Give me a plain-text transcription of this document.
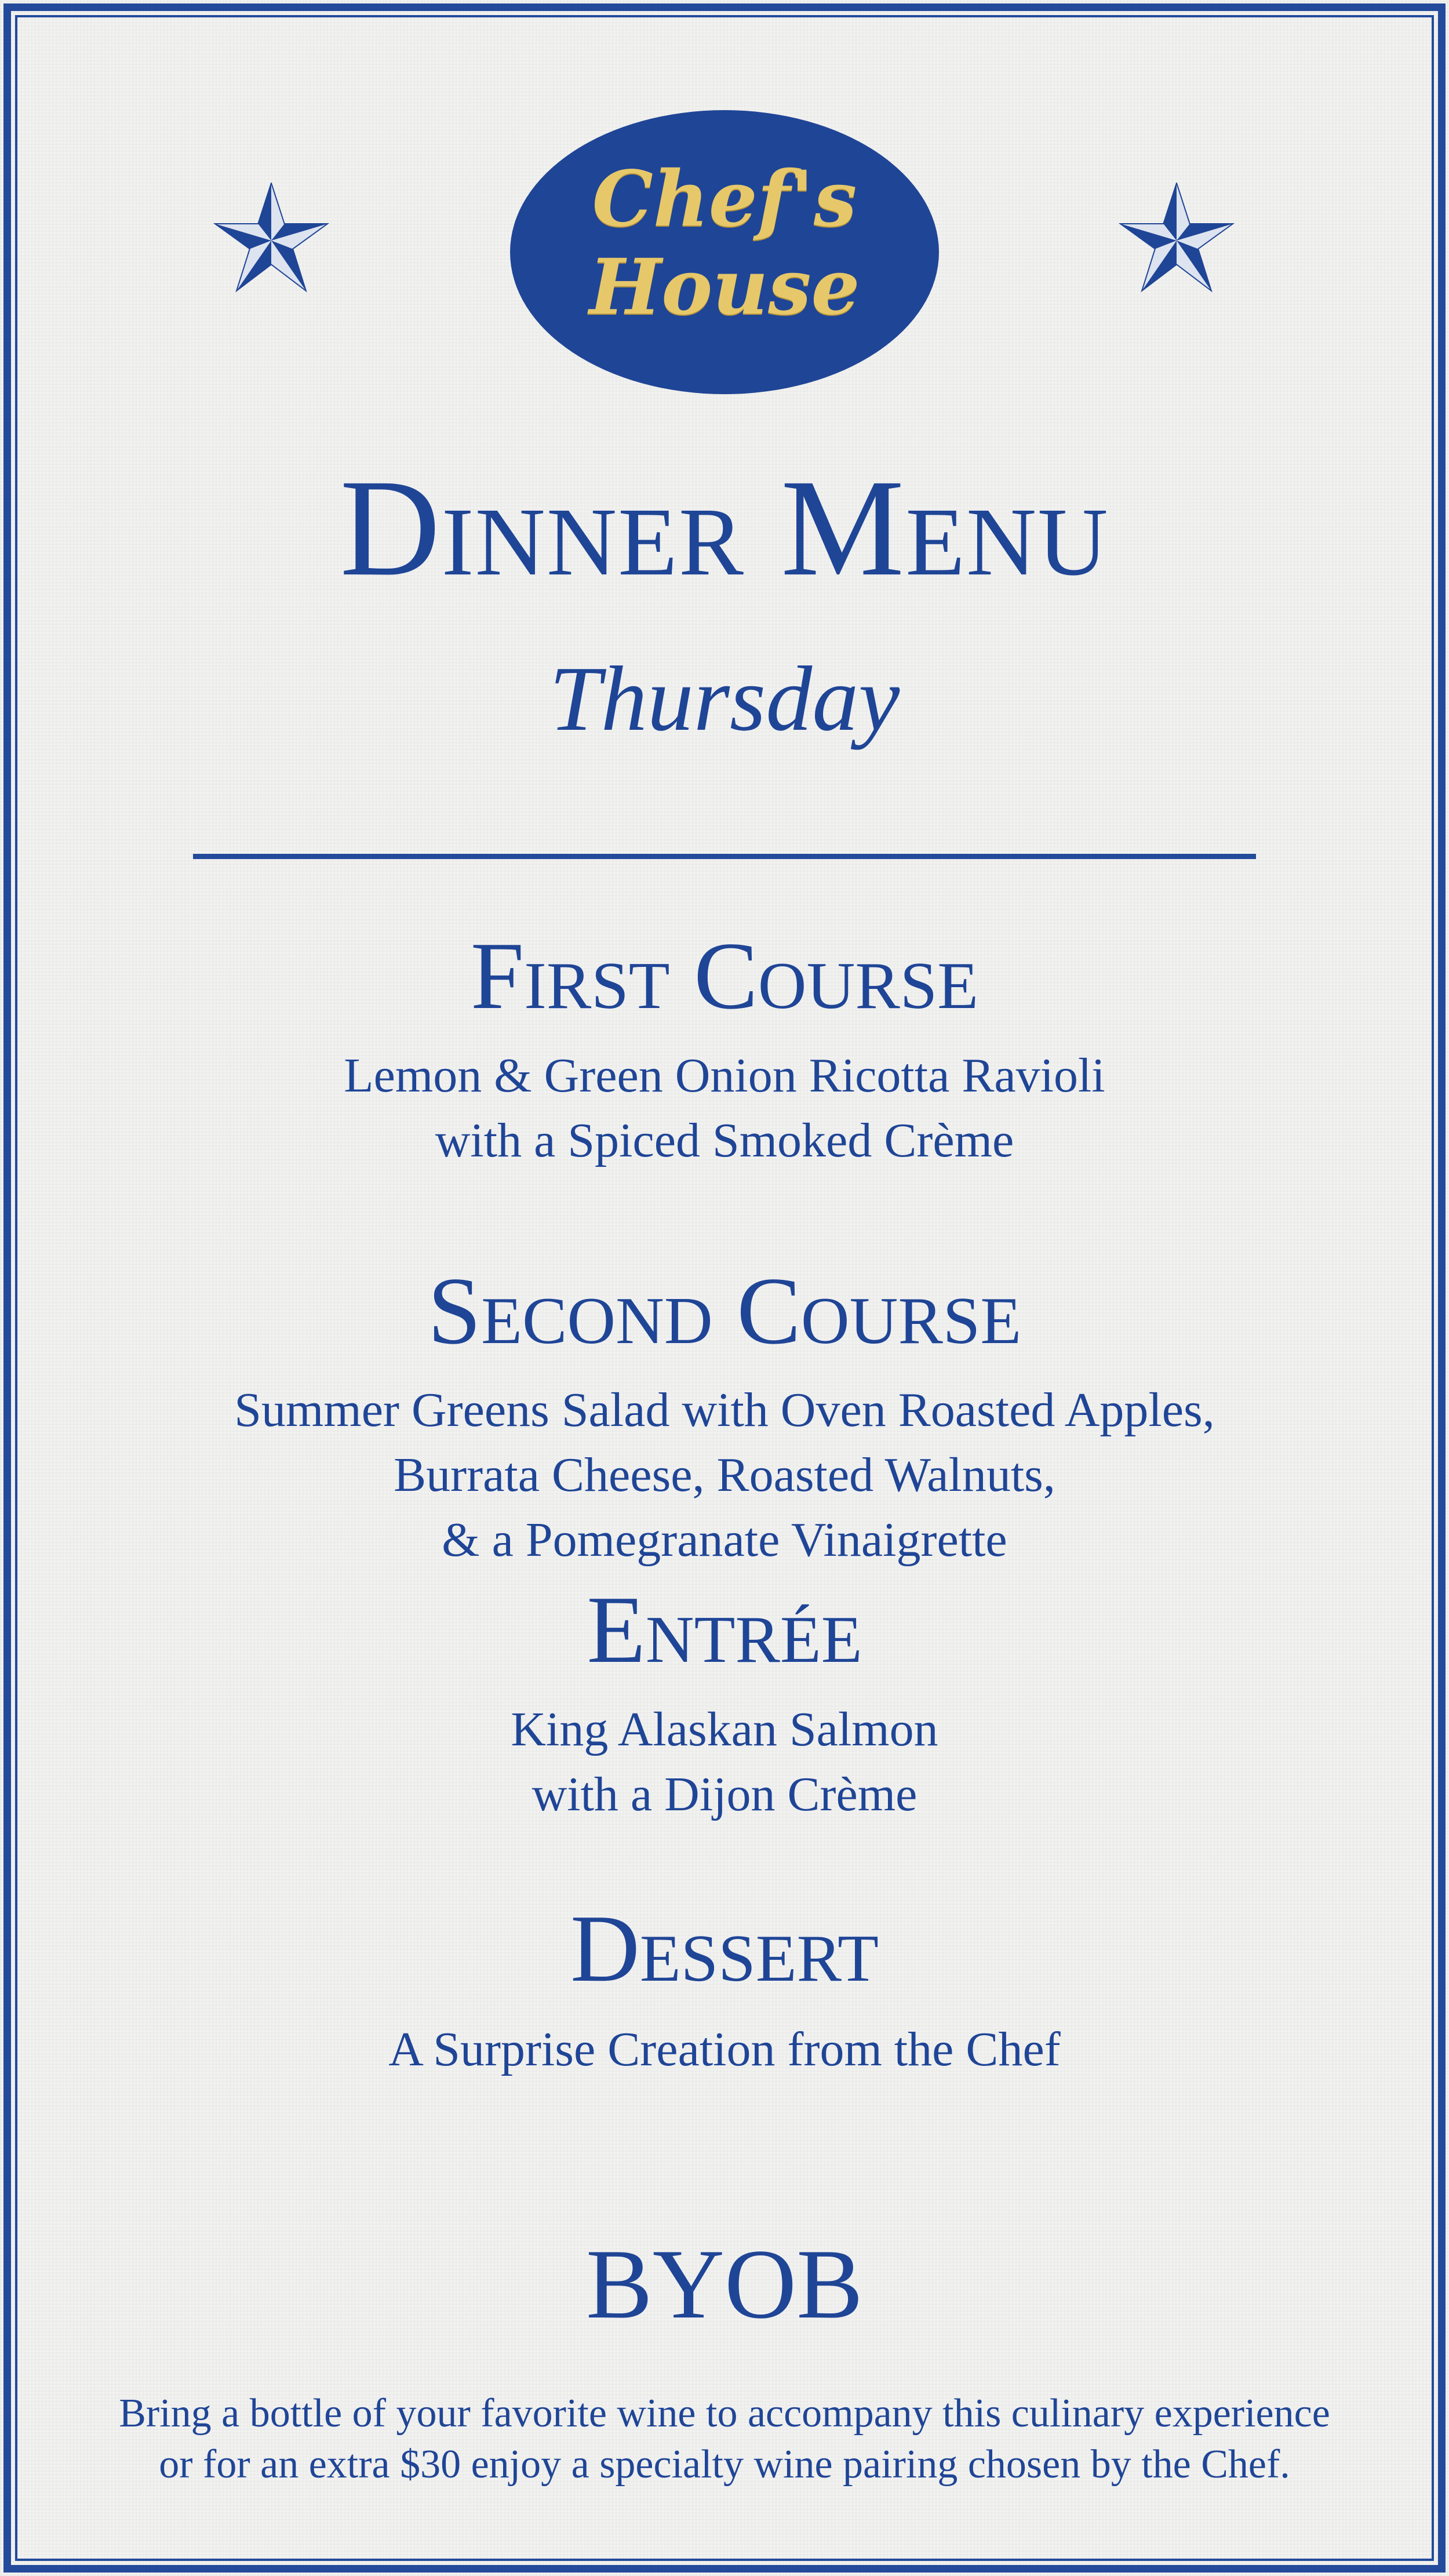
Chef's
House
Dinner Menu
Thursday
First Course
Lemon & Green Onion Ricotta Ravioli
with a Spiced Smoked Crème
Second Course
Summer Greens Salad with Oven Roasted Apples,
Burrata Cheese, Roasted Walnuts,
& a Pomegranate Vinaigrette
Entrée
King Alaskan Salmon
with a Dijon Crème
Dessert
A Surprise Creation from the Chef
BYOB
Bring a bottle of your favorite wine to accompany this culinary experience
or for an extra $30 enjoy a specialty wine pairing chosen by the Chef.
